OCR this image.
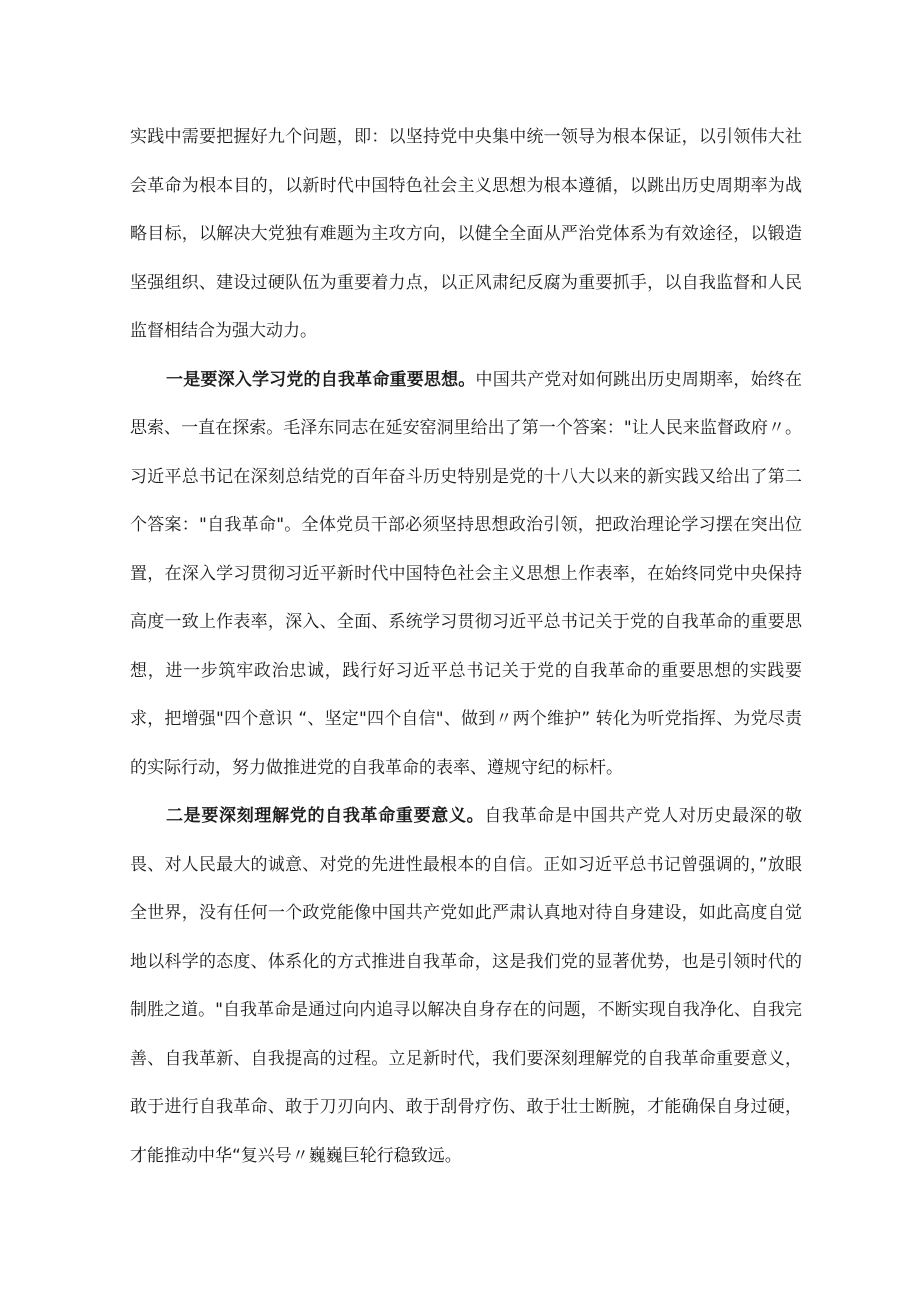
实践中需要把握好九个问题，即：以坚持党中央集中统一领导为根本保证，以引领伟大社会革命为根本目的，以新时代中国特色社会主义思想为根本遵循，以跳出历史周期率为战略目标，以解决大党独有难题为主攻方向，以健全全面从严治党体系为有效途径，以锻造坚强组织、建设过硬队伍为重要着力点，以正风肃纪反腐为重要抓手，以自我监督和人民监督相结合为强大动力。

一是要深入学习党的自我革命重要思想。中国共产党对如何跳出历史周期率，始终在思索、一直在探索。毛泽东同志在延安窑洞里给出了第一个答案："让人民来监督政府〃。习近平总书记在深刻总结党的百年奋斗历史特别是党的十八大以来的新实践又给出了第二个答案："自我革命"。全体党员干部必须坚持思想政治引领，把政治理论学习摆在突出位置，在深入学习贯彻习近平新时代中国特色社会主义思想上作表率，在始终同党中央保持高度一致上作表率，深入、全面、系统学习贯彻习近平总书记关于党的自我革命的重要思想，进一步筑牢政治忠诚，践行好习近平总书记关于党的自我革命的重要思想的实践要求，把增强"四个意识 “、坚定"四个自信"、做到〃两个维护” 转化为听党指挥、为党尽责的实际行动，努力做推进党的自我革命的表率、遵规守纪的标杆。

二是要深刻理解党的自我革命重要意义。自我革命是中国共产党人对历史最深的敬畏、对人民最大的诚意、对党的先进性最根本的自信。正如习近平总书记曾强调的，”放眼全世界，没有任何一个政党能像中国共产党如此严肃认真地对待自身建设，如此高度自觉地以科学的态度、体系化的方式推进自我革命，这是我们党的显著优势，也是引领时代的制胜之道。"自我革命是通过向内追寻以解决自身存在的问题，不断实现自我净化、自我完善、自我革新、自我提高的过程。立足新时代，我们要深刻理解党的自我革命重要意义，敢于进行自我革命、敢于刀刃向内、敢于刮骨疗伤、敢于壮士断腕，才能确保自身过硬，才能推动中华“复兴号〃巍巍巨轮行稳致远。
